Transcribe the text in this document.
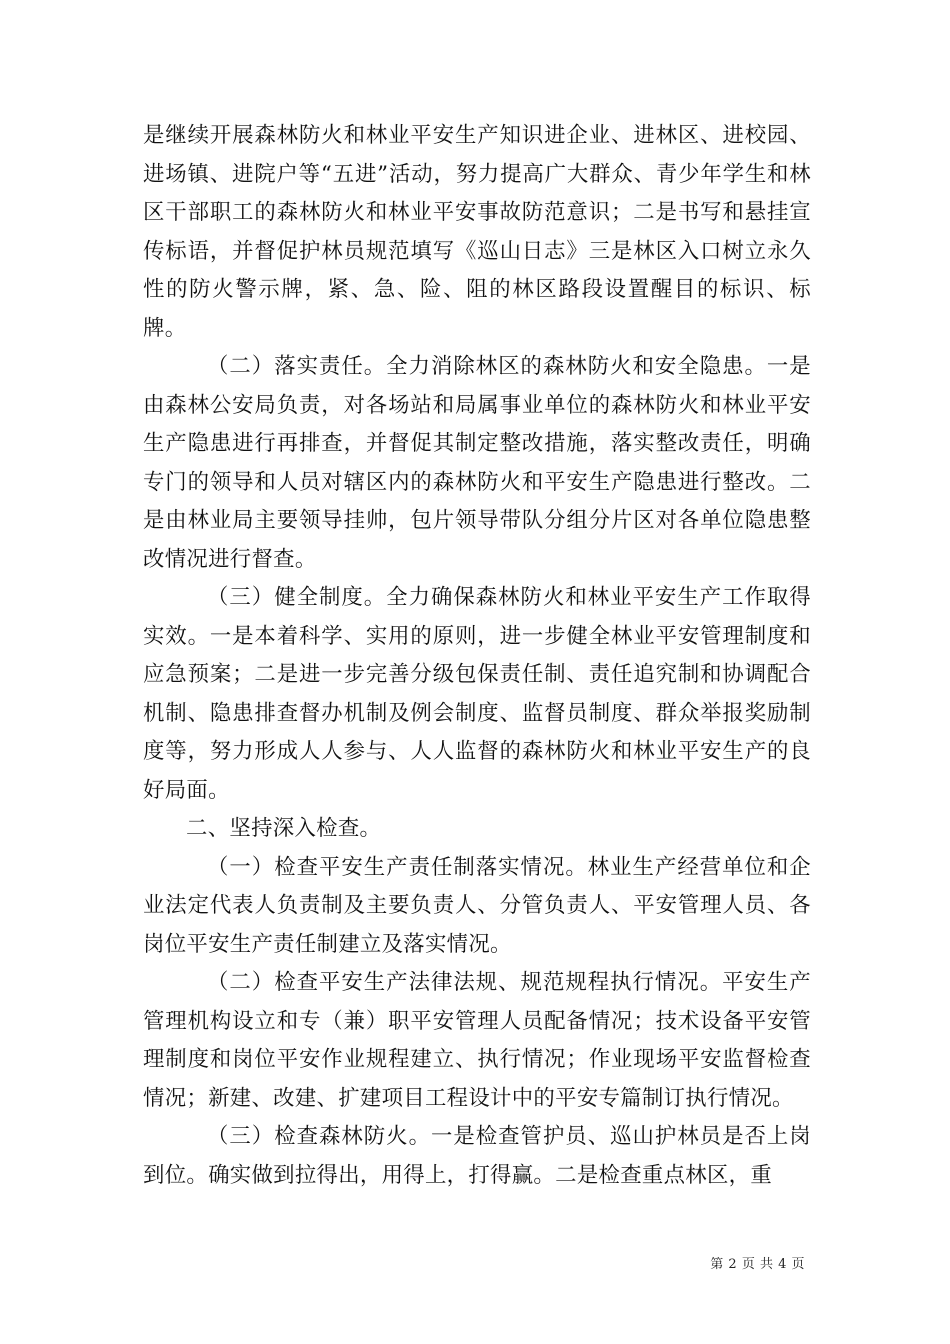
是继续开展森林防火和林业平安生产知识进企业、进林区、进校园、进场镇、进院户等“五进”活动，努力提高广大群众、青少年学生和林区干部职工的森林防火和林业平安事故防范意识；二是书写和悬挂宣传标语，并督促护林员规范填写《巡山日志》三是林区入口树立永久性的防火警示牌，紧、急、险、阻的林区路段设置醒目的标识、标牌。

（二）落实责任。全力消除林区的森林防火和安全隐患。一是由森林公安局负责，对各场站和局属事业单位的森林防火和林业平安生产隐患进行再排查，并督促其制定整改措施，落实整改责任，明确专门的领导和人员对辖区内的森林防火和平安生产隐患进行整改。二是由林业局主要领导挂帅，包片领导带队分组分片区对各单位隐患整改情况进行督查。

（三）健全制度。全力确保森林防火和林业平安生产工作取得实效。一是本着科学、实用的原则，进一步健全林业平安管理制度和应急预案；二是进一步完善分级包保责任制、责任追究制和协调配合机制、隐患排查督办机制及例会制度、监督员制度、群众举报奖励制度等，努力形成人人参与、人人监督的森林防火和林业平安生产的良好局面。

二、坚持深入检查。

（一）检查平安生产责任制落实情况。林业生产经营单位和企业法定代表人负责制及主要负责人、分管负责人、平安管理人员、各岗位平安生产责任制建立及落实情况。

（二）检查平安生产法律法规、规范规程执行情况。平安生产管理机构设立和专（兼）职平安管理人员配备情况；技术设备平安管理制度和岗位平安作业规程建立、执行情况；作业现场平安监督检查情况；新建、改建、扩建项目工程设计中的平安专篇制订执行情况。

（三）检查森林防火。一是检查管护员、巡山护林员是否上岗到位。确实做到拉得出，用得上，打得赢。二是检查重点林区，重

第 2 页 共 4 页
